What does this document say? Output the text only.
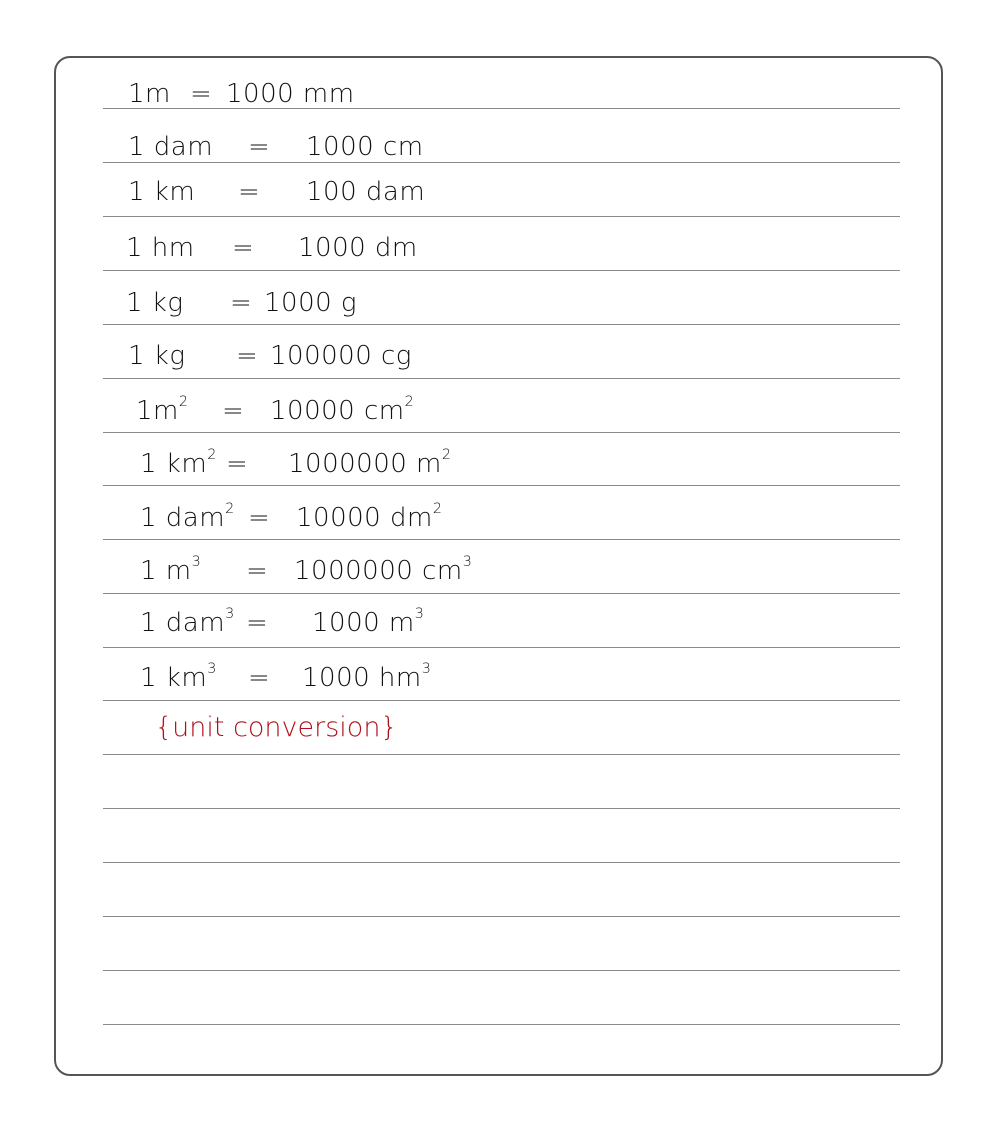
1m = 1000 mm
1 dam = 1000 cm
1 km = 100 dam
1 hm = 1000 dm
1 kg = 1000 g
1 kg = 100000 cg
$1m^2 = 10000$ $cm^2$
1 $km^2 = 1000000$ $m^2$
1 dam$^2$ = 10000 $dm^2$
1 $m^3 = 1000000$ $cm^3$
1 dam$^3$ = 1000 $m^3$
1 $km^3 = 1000$ $hm^3$
{unit conversion}
